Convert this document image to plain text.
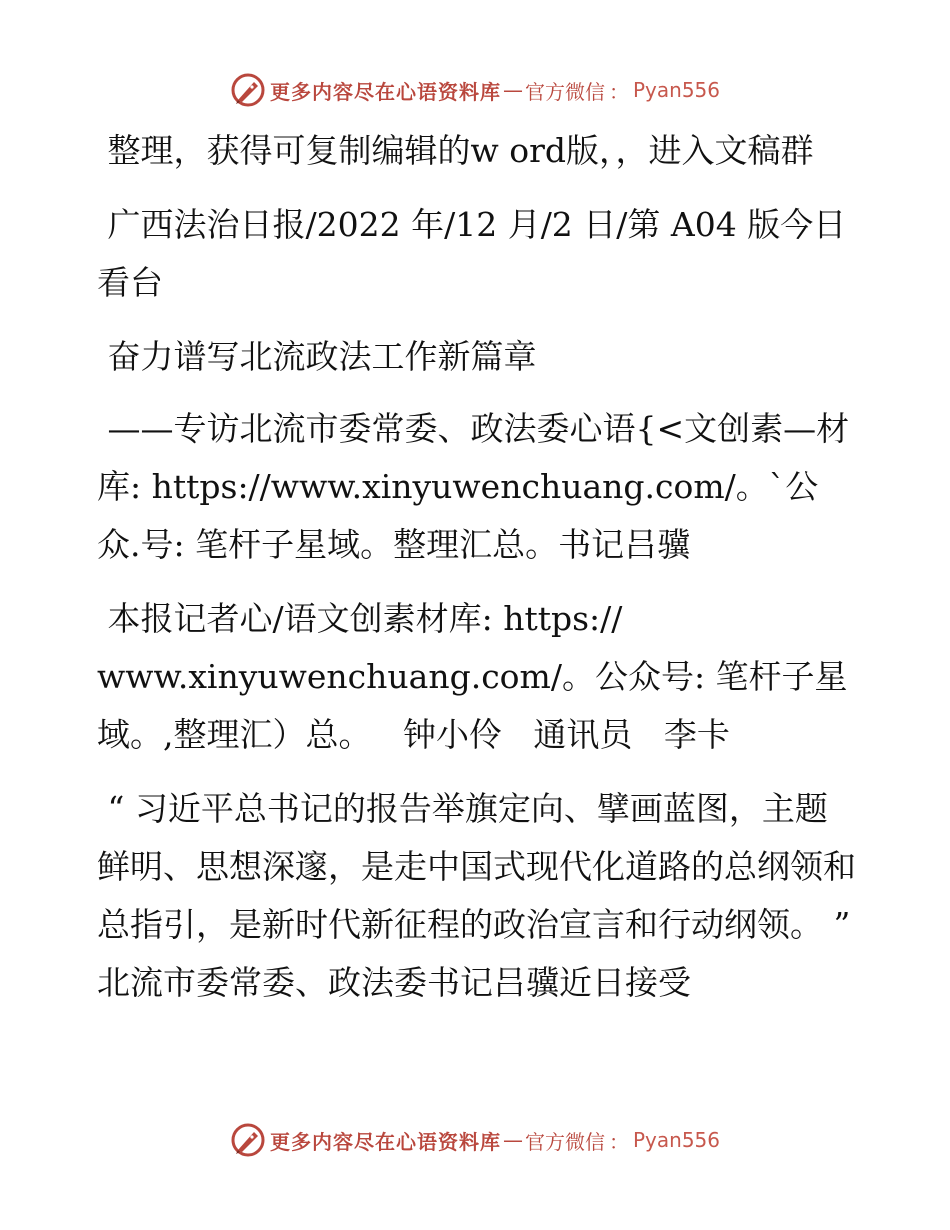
更多内容尽在心语资料库 — 官方微信 ： Pyan556

整理，获得可复制编辑的w ord版，，进入文稿群

广西法治日报/2022 年/12 月/2 日/第 A04 版今日看台

奋力谱写北流政法工作新篇章

——专访北流市委常委、政法委心语{<文创素—材库: https://www.xinyuwenchuang.com/。`公众.号: 笔杆子星域。整理汇总。书记吕骥

本报记者心/语文创素材库: https://
www.xinyuwenchuang.com/。公众号: 笔杆子星域。,整理汇）总。   钟小伶   通讯员   李卡

“ 习近平总书记的报告举旗定向、擘画蓝图，主题鲜明、思想深邃，是走中国式现代化道路的总纲领和总指引，是新时代新征程的政治宣言和行动纲领。 ” 北流市委常委、政法委书记吕骥近日接受

更多内容尽在心语资料库 — 官方微信 ： Pyan556
